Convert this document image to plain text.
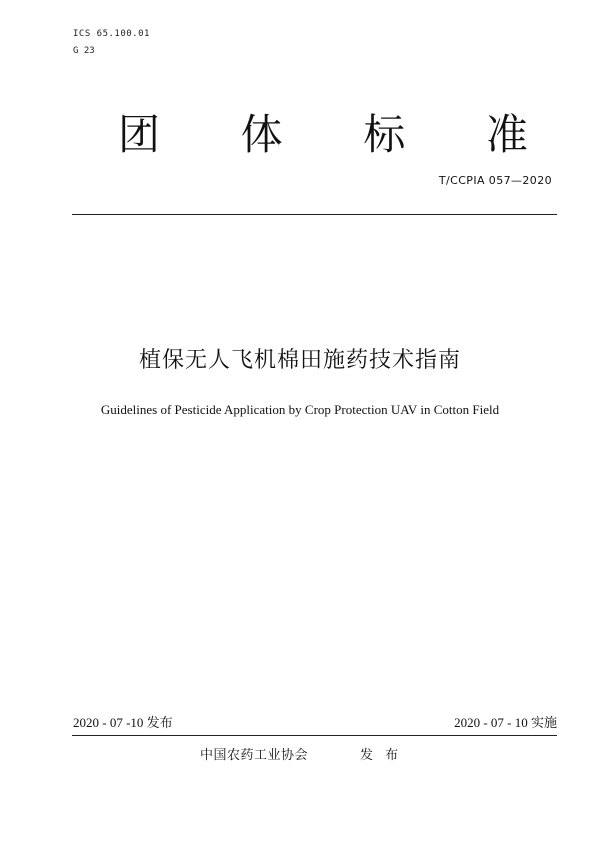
ICS 65.100.01
G 23
团 体 标 准
T/CCPIA 057—2020
植保无人飞机棉田施药技术指南
Guidelines of Pesticide Application by Crop Protection UAV in Cotton Field
2020 - 07 -10 发布	2020 - 07 - 10 实施
中国农药工业协会	发 布
